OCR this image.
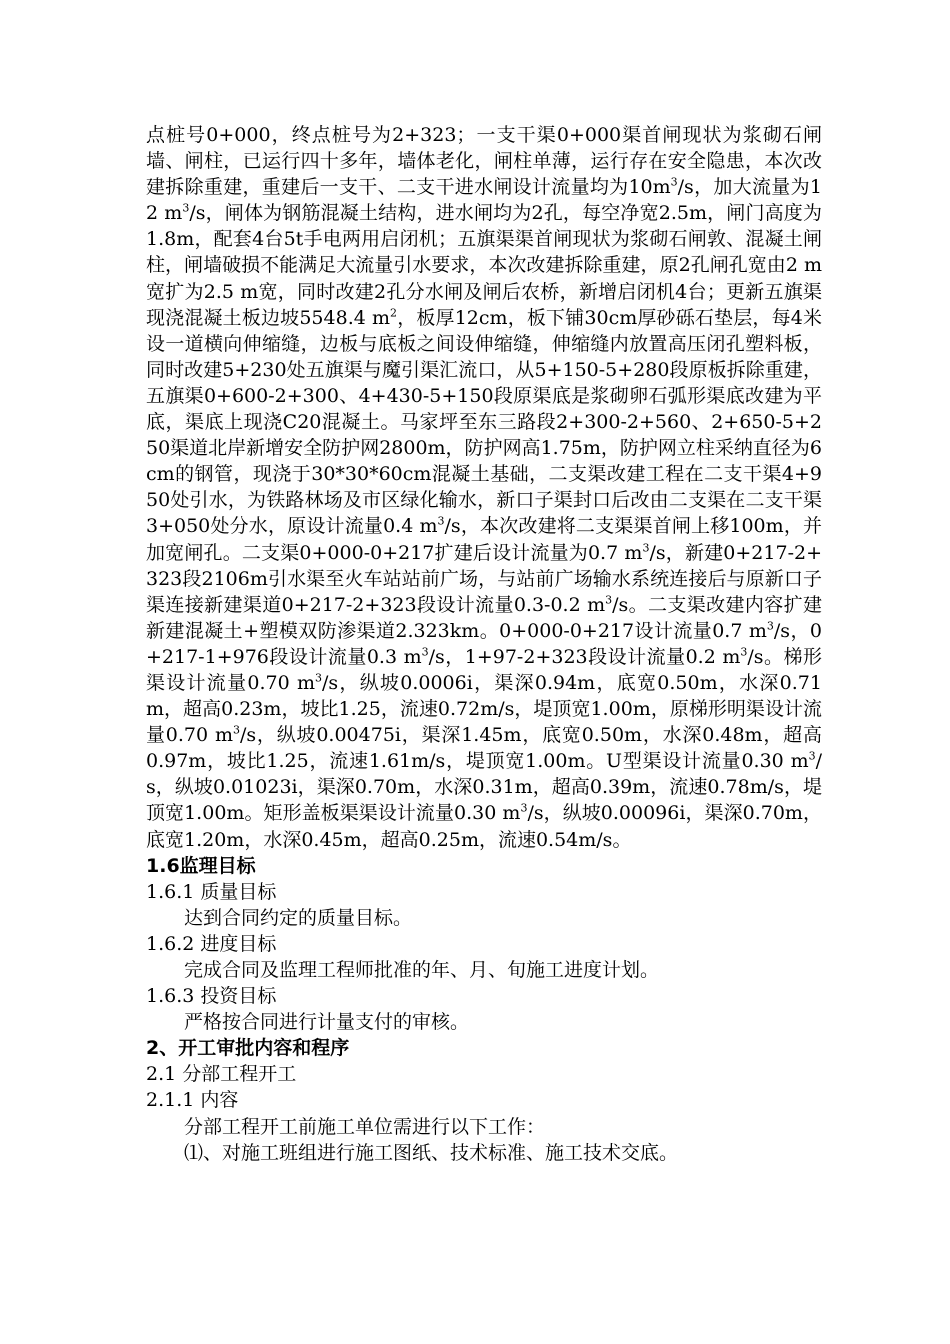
点桩号0+000，终点桩号为2+323；一支干渠0+000渠首闸现状为浆砌石闸墙、闸柱，已运行四十多年，墙体老化，闸柱单薄，运行存在安全隐患，本次改建拆除重建，重建后一支干、二支干进水闸设计流量均为$10m^3/s$，加大流量为12 $m^3/s$，闸体为钢筋混凝土结构，进水闸均为2孔，每空净宽2.5m，闸门高度为1.8m，配套4台5t手电两用启闭机；五旗渠渠首闸现状为浆砌石闸敦、混凝土闸柱，闸墙破损不能满足大流量引水要求，本次改建拆除重建，原2孔闸孔宽由2 m宽扩为2.5 m宽，同时改建2孔分水闸及闸后农桥，新增启闭机4台；更新五旗渠现浇混凝土板边坡5548.4 $m^2$，板厚12cm，板下铺30cm厚砂砾石垫层，每4米设一道横向伸缩缝，边板与底板之间设伸缩缝，伸缩缝内放置高压闭孔塑料板，同时改建5+230处五旗渠与魔引渠汇流口，从5+150-5+280段原板拆除重建，五旗渠0+600-2+300、4+430-5+150段原渠底是浆砌卵石弧形渠底改建为平底，渠底上现浇C20混凝土。马家坪至东三路段2+300-2+560、2+650-5+250渠道北岸新增安全防护网2800m，防护网高1.75m，防护网立柱采纳直径为6cm的钢管，现浇于30*30*60cm混凝土基础，二支渠改建工程在二支干渠4+950处引水，为铁路林场及市区绿化输水，新口子渠封口后改由二支渠在二支干渠3+050处分水，原设计流量0.4 $m^3/s$，本次改建将二支渠渠首闸上移100m，并加宽闸孔。二支渠0+000-0+217扩建后设计流量为0.7 $m^3/s$，新建0+217-2+323段2106m引水渠至火车站站前广场，与站前广场输水系统连接后与原新口子渠连接新建渠道0+217-2+323段设计流量0.3-0.2 $m^3/s$。二支渠改建内容扩建新建混凝土+塑模双防渗渠道2.323km。0+000-0+217设计流量0.7 $m^3/s$，0+217-1+976段设计流量0.3 $m^3/s$，1+97-2+323段设计流量0.2 $m^3/s$。梯形渠设计流量0.70 $m^3/s$，纵坡0.0006i，渠深0.94m，底宽0.50m，水深0.71m，超高0.23m，坡比1.25，流速0.72m/s，堤顶宽1.00m，原梯形明渠设计流量0.70 $m^3/s$，纵坡0.00475i，渠深1.45m，底宽0.50m，水深0.48m，超高0.97m，坡比1.25，流速1.61m/s，堤顶宽1.00m。U型渠设计流量0.30 $m^3/s$，纵坡0.01023i，渠深0.70m，水深0.31m，超高0.39m，流速0.78m/s，堤顶宽1.00m。矩形盖板渠渠设计流量0.30 $m^3/s$，纵坡0.00096i，渠深0.70m，底宽1.20m，水深0.45m，超高0.25m，流速0.54m/s。

1.6监理目标

1.6.1 质量目标

达到合同约定的质量目标。

1.6.2 进度目标

完成合同及监理工程师批准的年、月、旬施工进度计划。

1.6.3 投资目标

严格按合同进行计量支付的审核。

2、开工审批内容和程序

2.1 分部工程开工

2.1.1 内容

分部工程开工前施工单位需进行以下工作：

⑴、对施工班组进行施工图纸、技术标准、施工技术交底。
